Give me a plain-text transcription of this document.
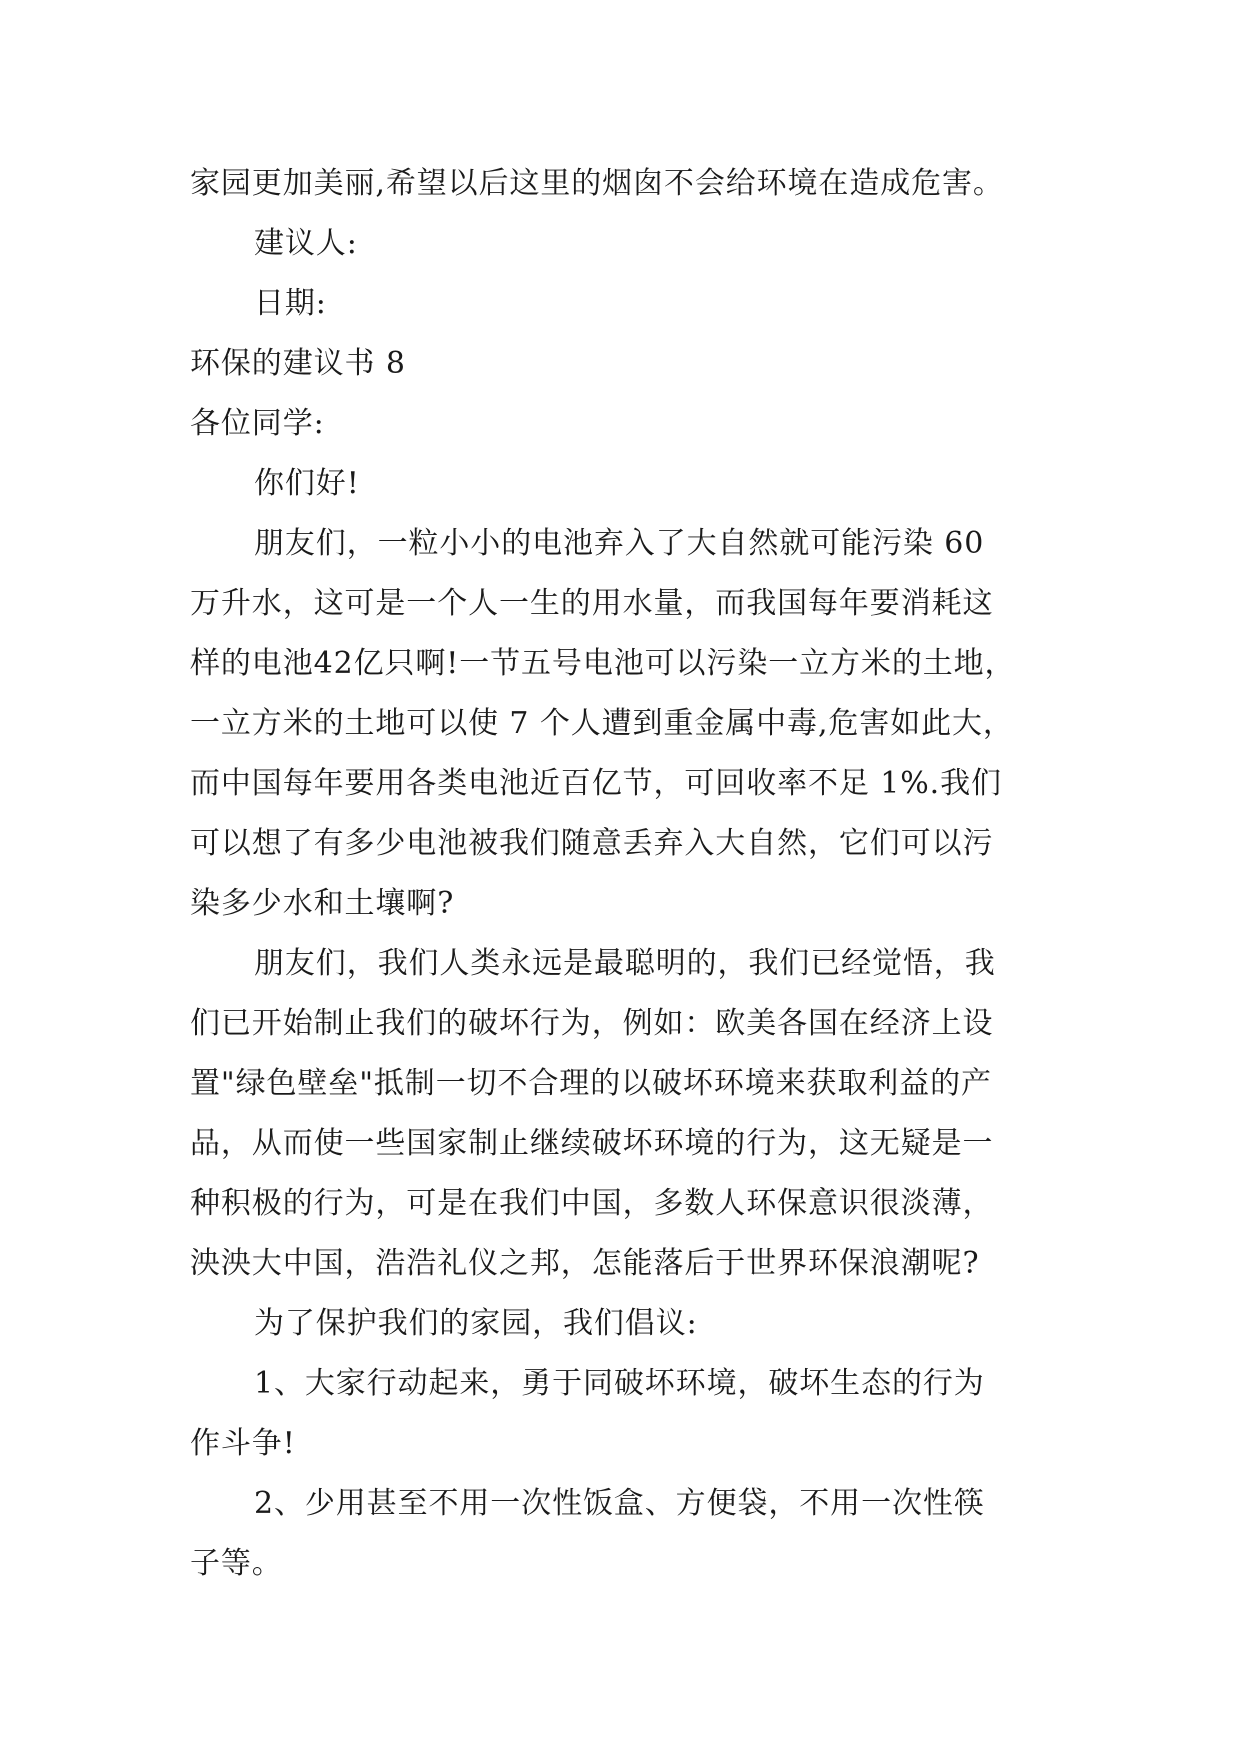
家园更加美丽,希望以后这里的烟囱不会给环境在造成危害。
建议人:
日期:
环保的建议书 8
各位同学:
你们好!
朋友们，一粒小小的电池弃入了大自然就可能污染 60
万升水，这可是一个人一生的用水量，而我国每年要消耗这
样的电池42亿只啊!一节五号电池可以污染一立方米的土地，
一立方米的土地可以使 7 个人遭到重金属中毒,危害如此大，
而中国每年要用各类电池近百亿节，可回收率不足 1%.我们
可以想了有多少电池被我们随意丢弃入大自然，它们可以污
染多少水和土壤啊?
朋友们，我们人类永远是最聪明的，我们已经觉悟，我
们已开始制止我们的破坏行为，例如：欧美各国在经济上设
置"绿色壁垒"抵制一切不合理的以破坏环境来获取利益的产
品，从而使一些国家制止继续破坏环境的行为，这无疑是一
种积极的行为，可是在我们中国，多数人环保意识很淡薄，
泱泱大中国，浩浩礼仪之邦，怎能落后于世界环保浪潮呢?
为了保护我们的家园，我们倡议:
1、大家行动起来，勇于同破坏环境，破坏生态的行为
作斗争!
2、少用甚至不用一次性饭盒、方便袋，不用一次性筷
子等。
